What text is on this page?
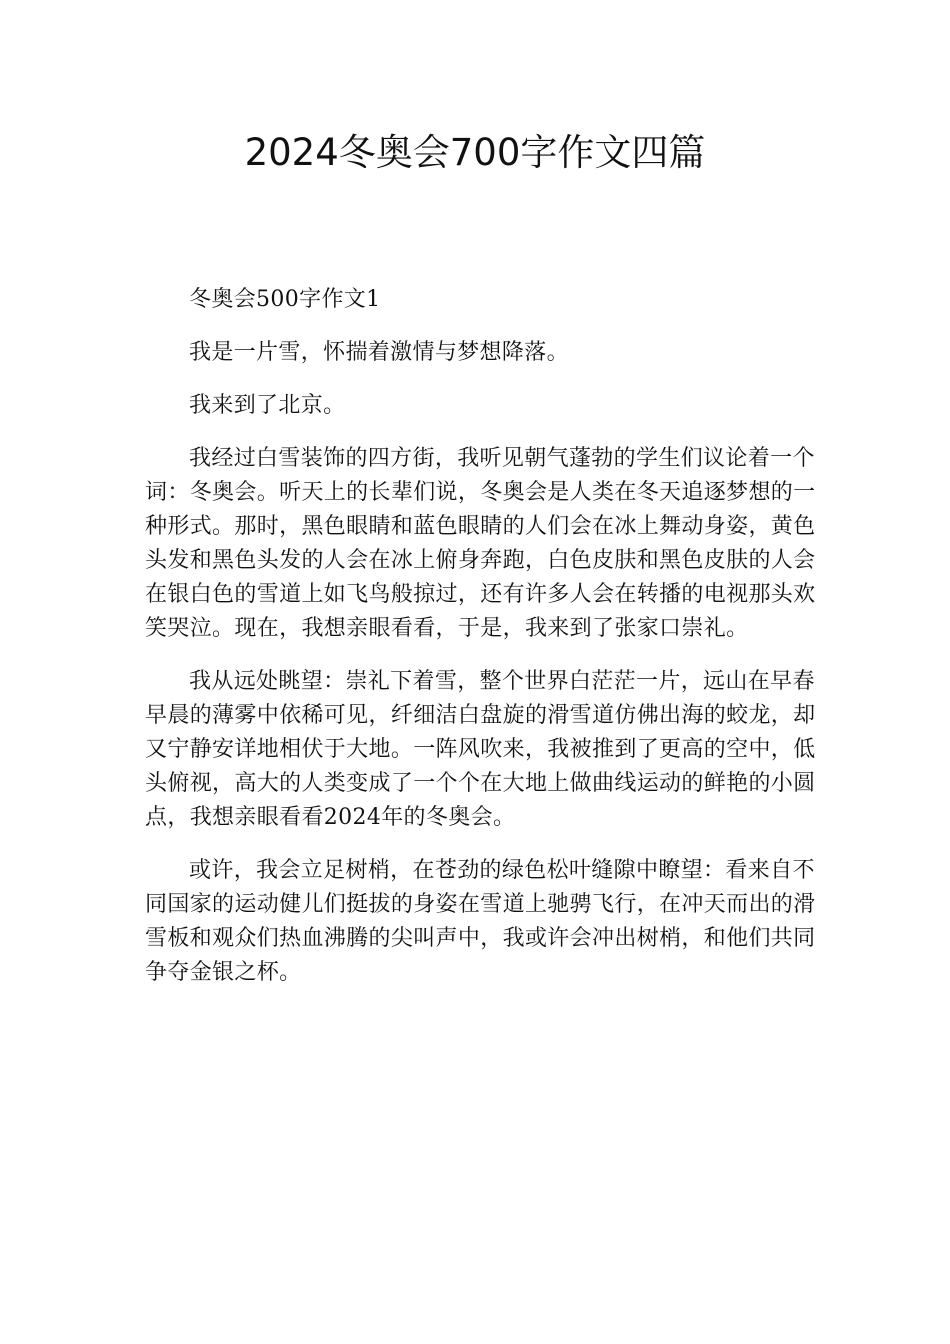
2024冬奥会700字作文四篇

冬奥会500字作文1

我是一片雪，怀揣着激情与梦想降落。

我来到了北京。

我经过白雪装饰的四方街，我听见朝气蓬勃的学生们议论着一个词：冬奥会。听天上的长辈们说，冬奥会是人类在冬天追逐梦想的一种形式。那时，黑色眼睛和蓝色眼睛的人们会在冰上舞动身姿，黄色头发和黑色头发的人会在冰上俯身奔跑，白色皮肤和黑色皮肤的人会在银白色的雪道上如飞鸟般掠过，还有许多人会在转播的电视那头欢笑哭泣。现在，我想亲眼看看，于是，我来到了张家口崇礼。

我从远处眺望：崇礼下着雪，整个世界白茫茫一片，远山在早春早晨的薄雾中依稀可见，纤细洁白盘旋的滑雪道仿佛出海的蛟龙，却又宁静安详地相伏于大地。一阵风吹来，我被推到了更高的空中，低头俯视，高大的人类变成了一个个在大地上做曲线运动的鲜艳的小圆点，我想亲眼看看2024年的冬奥会。

或许，我会立足树梢，在苍劲的绿色松叶缝隙中瞭望：看来自不同国家的运动健儿们挺拔的身姿在雪道上驰骋飞行，在冲天而出的滑雪板和观众们热血沸腾的尖叫声中，我或许会冲出树梢，和他们共同争夺金银之杯。
